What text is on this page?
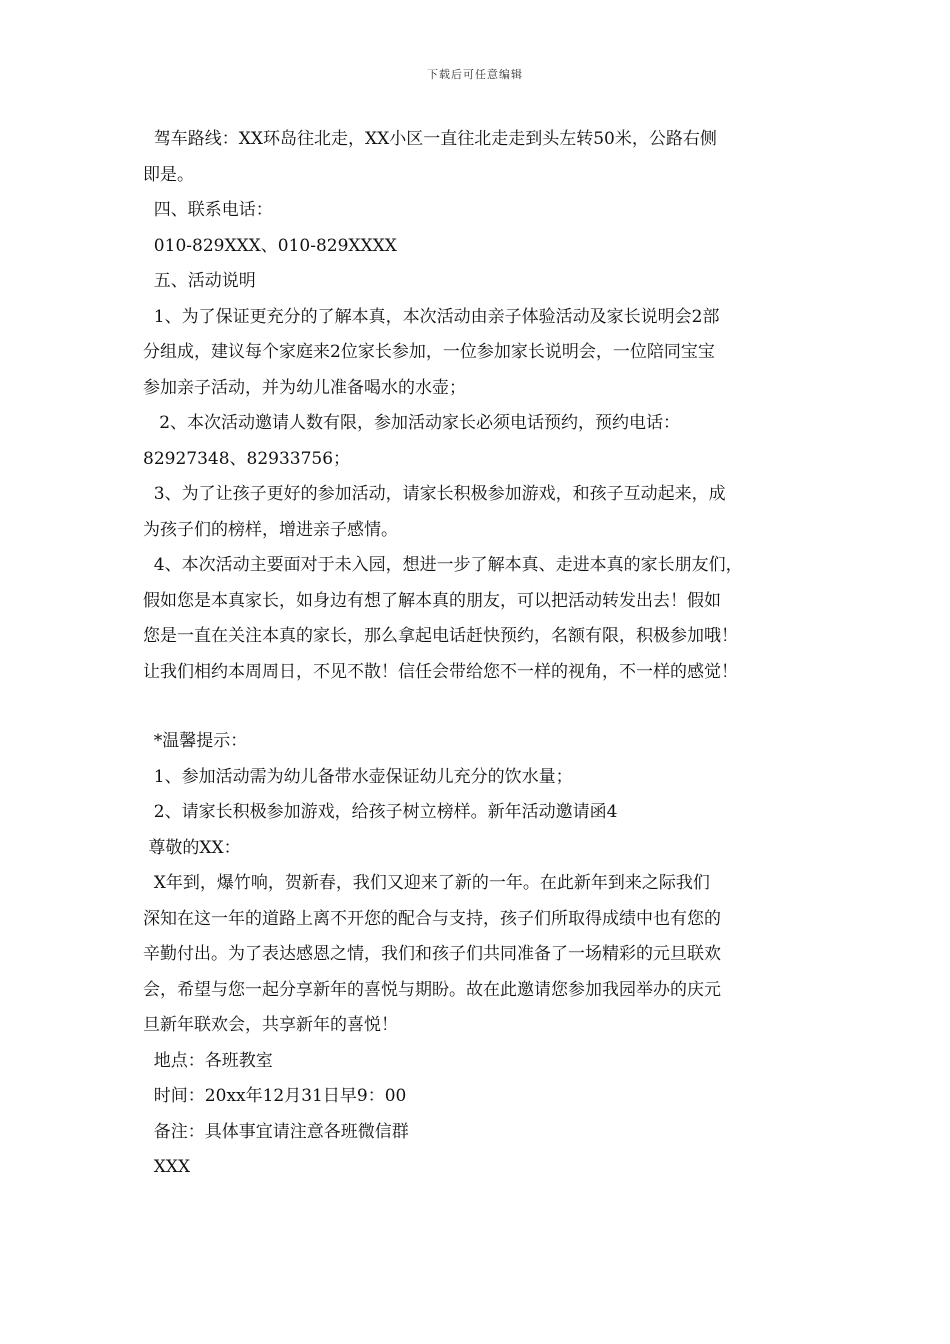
下载后可任意编辑
驾车路线：XX环岛往北走，XX小区一直往北走走到头左转50米，公路右侧
即是。
四、联系电话：
010-829XXX、010-829XXXX
五、活动说明
1、为了保证更充分的了解本真，本次活动由亲子体验活动及家长说明会2部
分组成，建议每个家庭来2位家长参加，一位参加家长说明会，一位陪同宝宝
参加亲子活动，并为幼儿准备喝水的水壶；
2、本次活动邀请人数有限，参加活动家长必须电话预约，预约电话：
82927348、82933756；
3、为了让孩子更好的参加活动，请家长积极参加游戏，和孩子互动起来，成
为孩子们的榜样，增进亲子感情。
4、本次活动主要面对于未入园，想进一步了解本真、走进本真的家长朋友们，
假如您是本真家长，如身边有想了解本真的朋友，可以把活动转发出去！假如
您是一直在关注本真的家长，那么拿起电话赶快预约，名额有限，积极参加哦！
让我们相约本周周日，不见不散！信任会带给您不一样的视角，不一样的感觉！
*温馨提示：
1、参加活动需为幼儿备带水壶保证幼儿充分的饮水量；
2、请家长积极参加游戏，给孩子树立榜样。新年活动邀请函4
尊敬的XX：
X年到，爆竹响，贺新春，我们又迎来了新的一年。在此新年到来之际我们
深知在这一年的道路上离不开您的配合与支持，孩子们所取得成绩中也有您的
辛勤付出。为了表达感恩之情，我们和孩子们共同准备了一场精彩的元旦联欢
会，希望与您一起分享新年的喜悦与期盼。故在此邀请您参加我园举办的庆元
旦新年联欢会，共享新年的喜悦！
地点：各班教室
时间：20xx年12月31日早9：00
备注：具体事宜请注意各班微信群
XXX
